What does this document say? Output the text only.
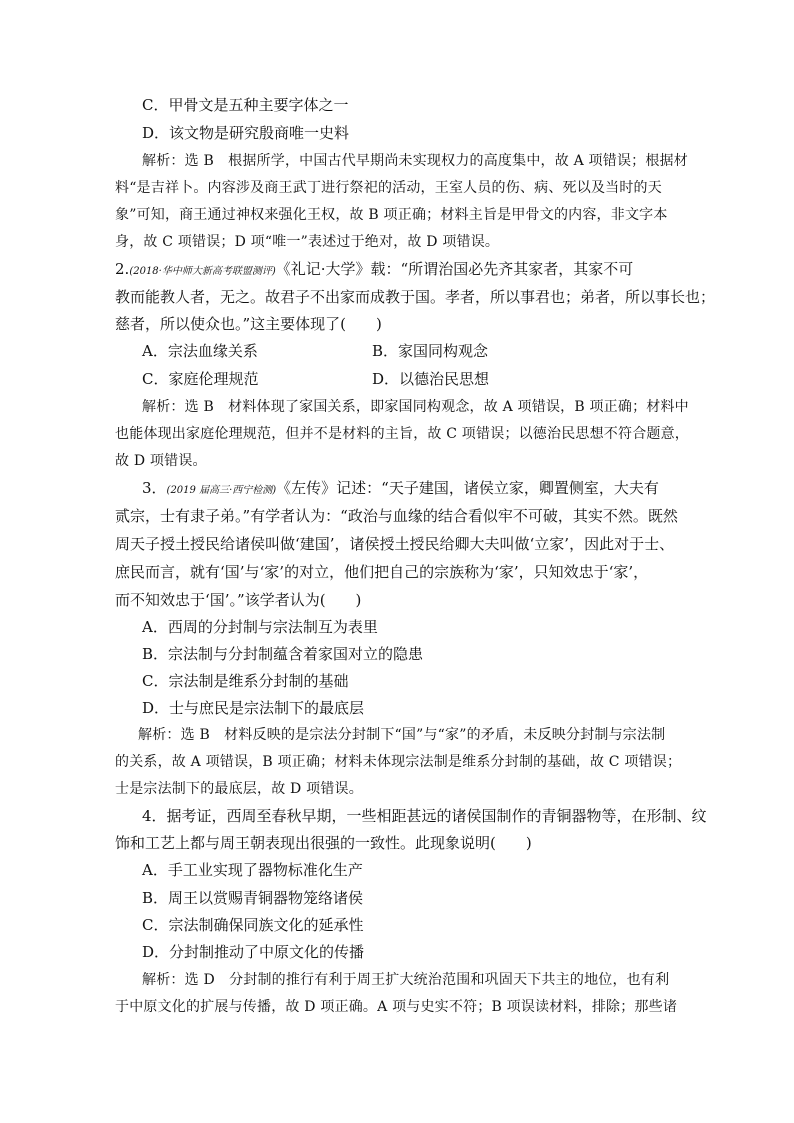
C．甲骨文是五种主要字体之一
D．该文物是研究殷商唯一史料
解析：选 B　根据所学，中国古代早期尚未实现权力的高度集中，故 A 项错误；根据材
料“是吉祥卜。内容涉及商王武丁进行祭祀的活动，王室人员的伤、病、死以及当时的天
象”可知，商王通过神权来强化王权，故 B 项正确；材料主旨是甲骨文的内容，非文字本
身，故 C 项错误；D 项“唯一”表述过于绝对，故 D 项错误。
2.(2018·华中师大新高考联盟测评)《礼记·大学》载：“所谓治国必先齐其家者，其家不可
教而能教人者，无之。故君子不出家而成教于国。孝者，所以事君也；弟者，所以事长也；
慈者，所以使众也。”这主要体现了(　　)
A．宗法血缘关系	B．家国同构观念
C．家庭伦理规范	D．以德治民思想
解析：选 B　材料体现了家国关系，即家国同构观念，故 A 项错误，B 项正确；材料中
也能体现出家庭伦理规范，但并不是材料的主旨，故 C 项错误；以德治民思想不符合题意，
故 D 项错误。
3．(2019 届高三·西宁检测)《左传》记述：“天子建国，诸侯立家，卿置侧室，大夫有
贰宗，士有隶子弟。”有学者认为：“政治与血缘的结合看似牢不可破，其实不然。既然
周天子授土授民给诸侯叫做‘建国’，诸侯授土授民给卿大夫叫做‘立家’，因此对于士、
庶民而言，就有‘国’与‘家’的对立，他们把自己的宗族称为‘家’，只知效忠于‘家’，
而不知效忠于‘国’。”该学者认为(　　)
A．西周的分封制与宗法制互为表里
B．宗法制与分封制蕴含着家国对立的隐患
C．宗法制是维系分封制的基础
D．士与庶民是宗法制下的最底层
解析：选 B　材料反映的是宗法分封制下“国”与“家”的矛盾，未反映分封制与宗法制
的关系，故 A 项错误，B 项正确；材料未体现宗法制是维系分封制的基础，故 C 项错误；
士是宗法制下的最底层，故 D 项错误。
4．据考证，西周至春秋早期，一些相距甚远的诸侯国制作的青铜器物等，在形制、纹
饰和工艺上都与周王朝表现出很强的一致性。此现象说明(　　)
A．手工业实现了器物标准化生产
B．周王以赏赐青铜器物笼络诸侯
C．宗法制确保同族文化的延承性
D．分封制推动了中原文化的传播
解析：选 D　分封制的推行有利于周王扩大统治范围和巩固天下共主的地位，也有利
于中原文化的扩展与传播，故 D 项正确。A 项与史实不符；B 项误读材料，排除；那些诸
